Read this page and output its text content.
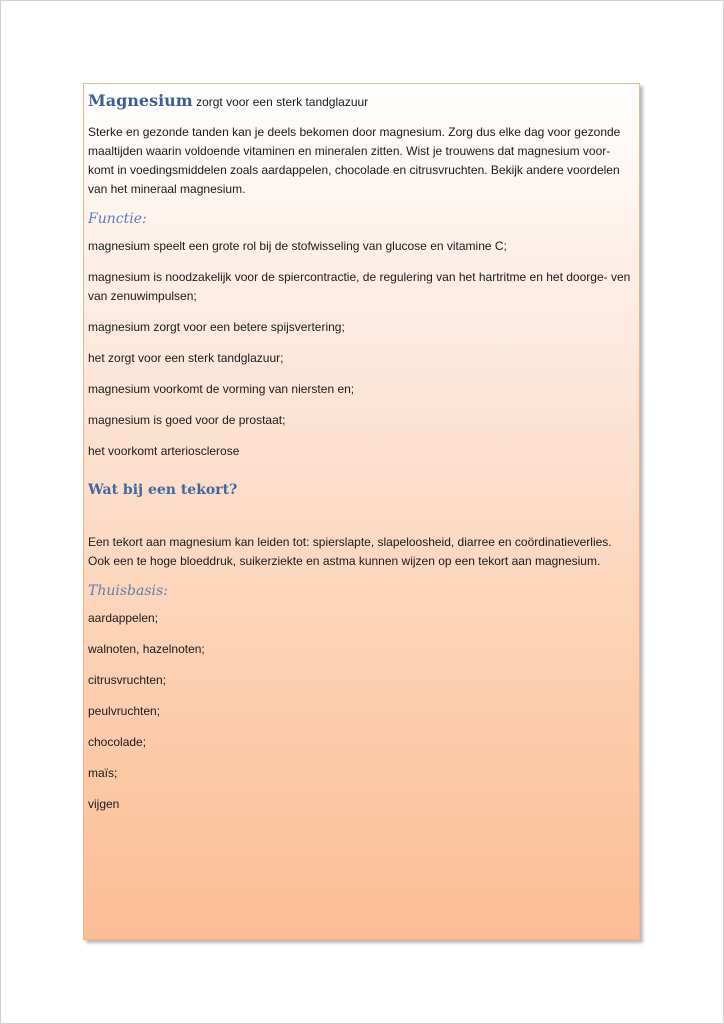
Magnesium zorgt voor een sterk tandglazuur

Sterke en gezonde tanden kan je deels bekomen door magnesium. Zorg dus elke dag voor gezonde maaltijden waarin voldoende vitaminen en mineralen zitten. Wist je trouwens dat magnesium voor- komt in voedingsmiddelen zoals aardappelen, chocolade en citrusvruchten. Bekijk andere voordelen van het mineraal magnesium.

Functie:

magnesium speelt een grote rol bij de stofwisseling van glucose en vitamine C;

magnesium is noodzakelijk voor de spiercontractie, de regulering van het hartritme en het doorge- ven van zenuwimpulsen;

magnesium zorgt voor een betere spijsvertering;

het zorgt voor een sterk tandglazuur;

magnesium voorkomt de vorming van niersten en;

magnesium is goed voor de prostaat;

het voorkomt arteriosclerose

Wat bij een tekort?

Een tekort aan magnesium kan leiden tot: spierslapte, slapeloosheid, diarree en coördinatieverlies. Ook een te hoge bloeddruk, suikerziekte en astma kunnen wijzen op een tekort aan magnesium.

Thuisbasis:

aardappelen;

walnoten, hazelnoten;

citrusvruchten;

peulvruchten;

chocolade;

maïs;

vijgen
